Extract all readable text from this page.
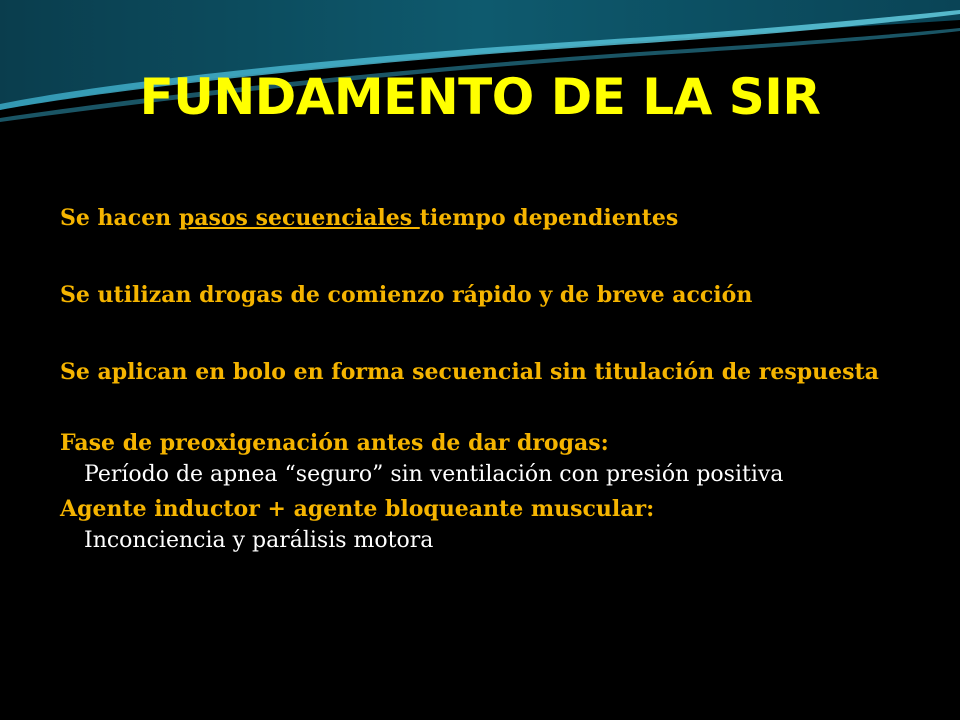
FUNDAMENTO DE LA SIR

Se hacen pasos secuenciales tiempo dependientes

Se utilizan drogas de comienzo rápido y de breve acción

Se aplican en bolo en forma secuencial sin titulación de respuesta

Fase de preoxigenación antes de dar drogas:

Período de apnea “seguro” sin ventilación con presión positiva

Agente inductor + agente bloqueante muscular:

Inconciencia y parálisis motora
